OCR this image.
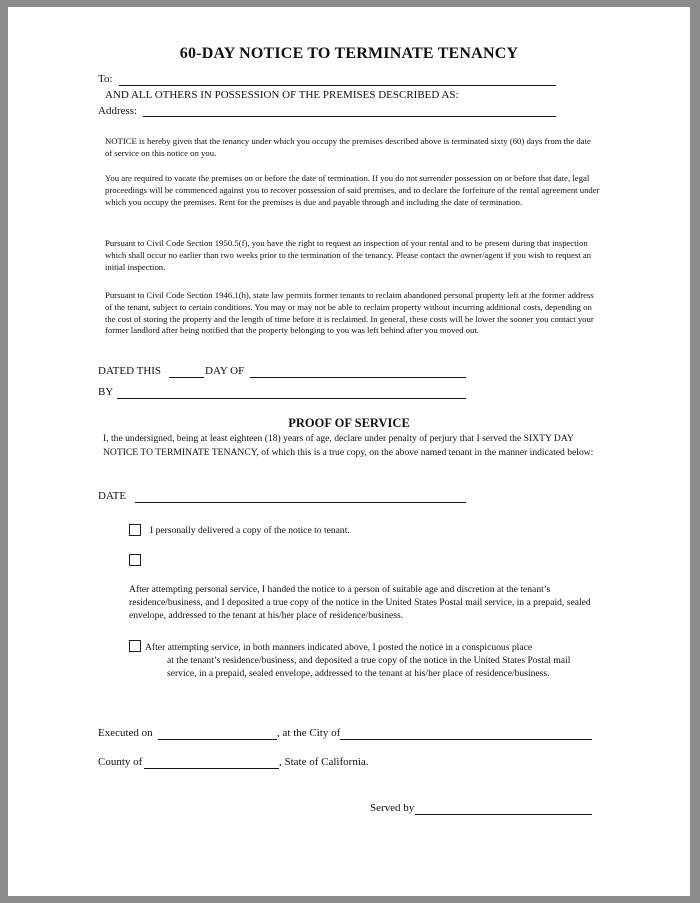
60-DAY NOTICE TO TERMINATE TENANCY
To:
AND ALL OTHERS IN POSSESSION OF THE PREMISES DESCRIBED AS:
Address:
NOTICE is hereby given that the tenancy under which you occupy the premises described above is terminated sixty (60) days from the date of service on this notice on you.
You are required to vacate the premises on or before the date of termination. If you do not surrender possession on or before that date, legal proceedings will be commenced against you to recover possession of said premises, and to declare the forfeiture of the rental agreement under which you occupy the premises. Rent for the premises is due and payable through and including the date of termination.
Pursuant to Civil Code Section 1950.5(f), you have the right to request an inspection of your rental and to be present during that inspection which shall occur no earlier than two weeks prior to the termination of the tenancy. Please contact the owner/agent if you wish to request an initial inspection.
Pursuant to Civil Code Section 1946.1(h), state law permits former tenants to reclaim abandoned personal property left at the former address of the tenant, subject to certain conditions. You may or may not be able to reclaim property without incurring additional costs, depending on the cost of storing the property and the length of time before it is reclaimed. In general, these costs will be lower the sooner you contact your former landlord after being notified that the property belonging to you was left behind after you moved out.
DATED THIS	DAY OF
BY
PROOF OF SERVICE
I, the undersigned, being at least eighteen (18) years of age, declare under penalty of perjury that I served the SIXTY DAY NOTICE TO TERMINATE TENANCY, of which this is a true copy, on the above named tenant in the manner indicated below:
DATE
I personally delivered a copy of the notice to tenant.
After attempting personal service, I handed the notice to a person of suitable age and discretion at the tenant’s residence/business, and I deposited a true copy of the notice in the United States Postal mail service, in a prepaid, sealed envelope, addressed to the tenant at his/her place of residence/business.
After attempting service, in both manners indicated above, I posted the notice in a conspicuous place
at the tenant’s residence/business, and deposited a true copy of the notice in the United States Postal mail service, in a prepaid, sealed envelope, addressed to the tenant at his/her place of residence/business.
Executed on	, at the City of
County of	, State of California.
Served by
